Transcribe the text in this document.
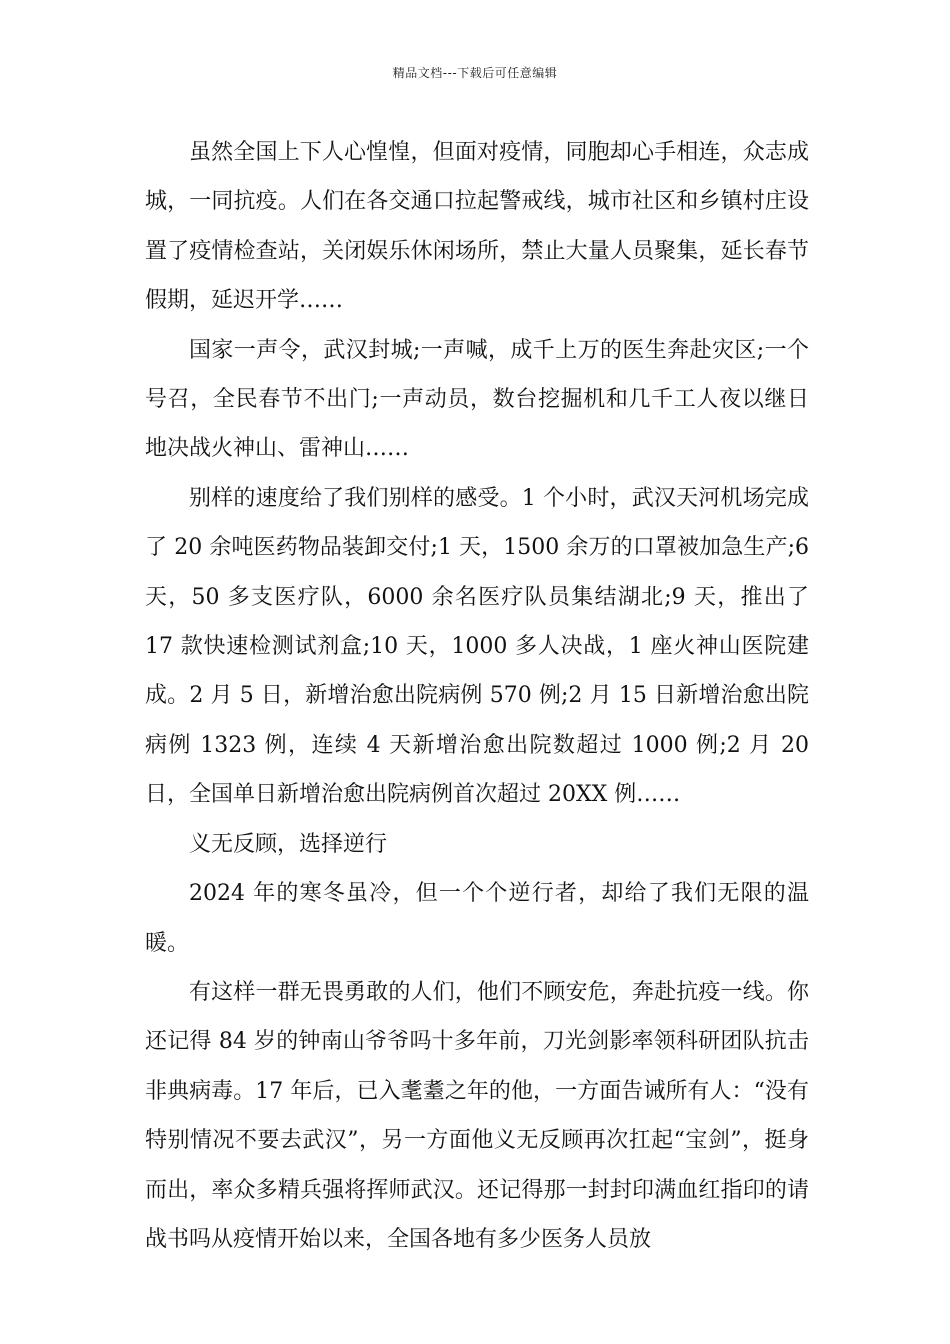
精品文档---下载后可任意编辑

虽然全国上下人心惶惶，但面对疫情，同胞却心手相连，众志成城，一同抗疫。人们在各交通口拉起警戒线，城市社区和乡镇村庄设置了疫情检查站，关闭娱乐休闲场所，禁止大量人员聚集，延长春节假期，延迟开学……

国家一声令，武汉封城;一声喊，成千上万的医生奔赴灾区;一个号召，全民春节不出门;一声动员，数台挖掘机和几千工人夜以继日地决战火神山、雷神山……

别样的速度给了我们别样的感受。1 个小时，武汉天河机场完成了 20 余吨医药物品装卸交付;1 天，1500 余万的口罩被加急生产;6 天，50 多支医疗队，6000 余名医疗队员集结湖北;9 天，推出了 17 款快速检测试剂盒;10 天，1000 多人决战，1 座火神山医院建成。2 月 5 日，新增治愈出院病例 570 例;2 月 15 日新增治愈出院病例 1323 例，连续 4 天新增治愈出院数超过 1000 例;2 月 20 日，全国单日新增治愈出院病例首次超过 20XX 例……

义无反顾，选择逆行

2024 年的寒冬虽冷，但一个个逆行者，却给了我们无限的温暖。

有这样一群无畏勇敢的人们，他们不顾安危，奔赴抗疫一线。你还记得 84 岁的钟南山爷爷吗十多年前，刀光剑影率领科研团队抗击非典病毒。17 年后，已入耄耋之年的他，一方面告诫所有人：“没有特别情况不要去武汉”，另一方面他义无反顾再次扛起“宝剑”，挺身而出，率众多精兵强将挥师武汉。还记得那一封封印满血红指印的请战书吗从疫情开始以来，全国各地有多少医务人员放
